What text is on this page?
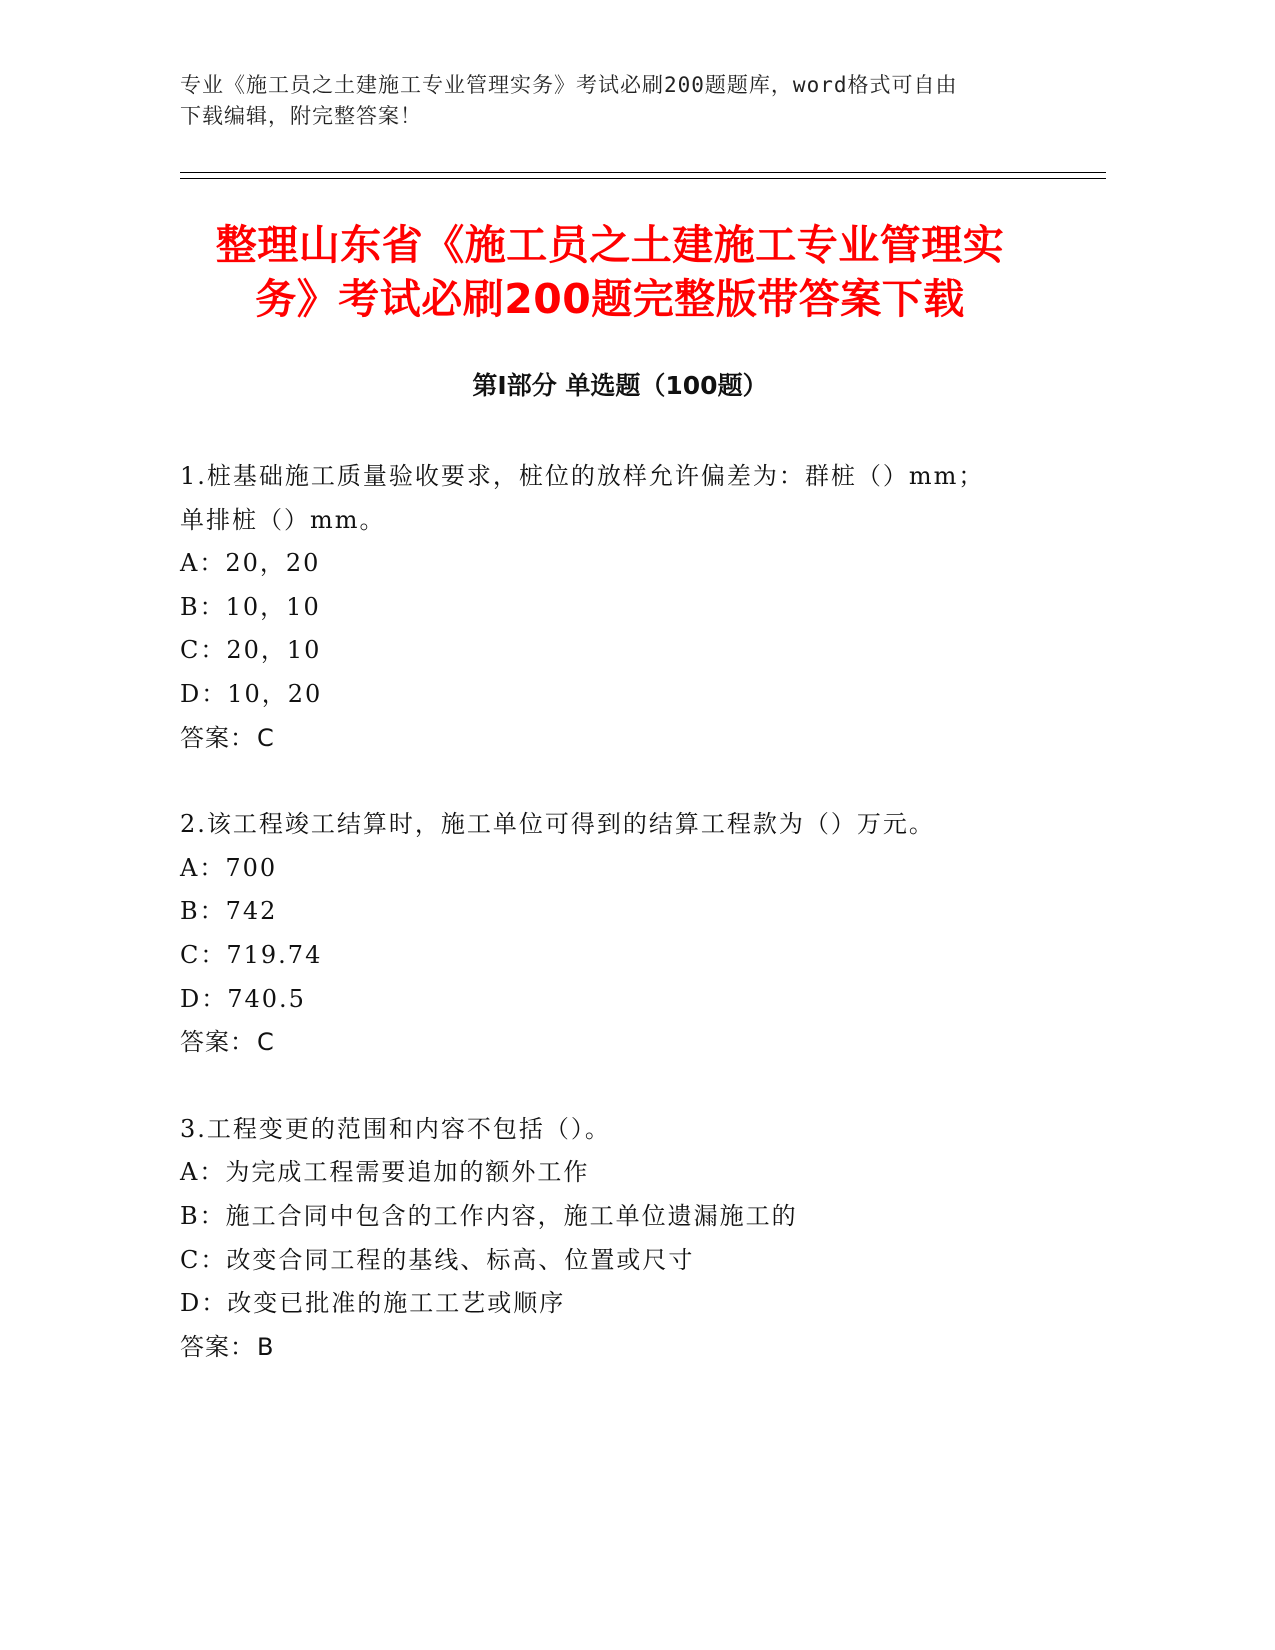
专业《施工员之土建施工专业管理实务》考试必刷200题题库，word格式可自由
下载编辑，附完整答案！
整理山东省《施工员之土建施工专业管理实
务》考试必刷200题完整版带答案下载
第Ⅰ部分 单选题（100题）
1.桩基础施工质量验收要求，桩位的放样允许偏差为：群桩（）mm；
单排桩（）mm。
A：20，20
B：10，10
C：20，10
D：10，20
答案：C
2.该工程竣工结算时，施工单位可得到的结算工程款为（）万元。
A：700
B：742
C：719.74
D：740.5
答案：C
3.工程变更的范围和内容不包括（）。
A：为完成工程需要追加的额外工作
B：施工合同中包含的工作内容，施工单位遗漏施工的
C：改变合同工程的基线、标高、位置或尺寸
D：改变已批准的施工工艺或顺序
答案：B
